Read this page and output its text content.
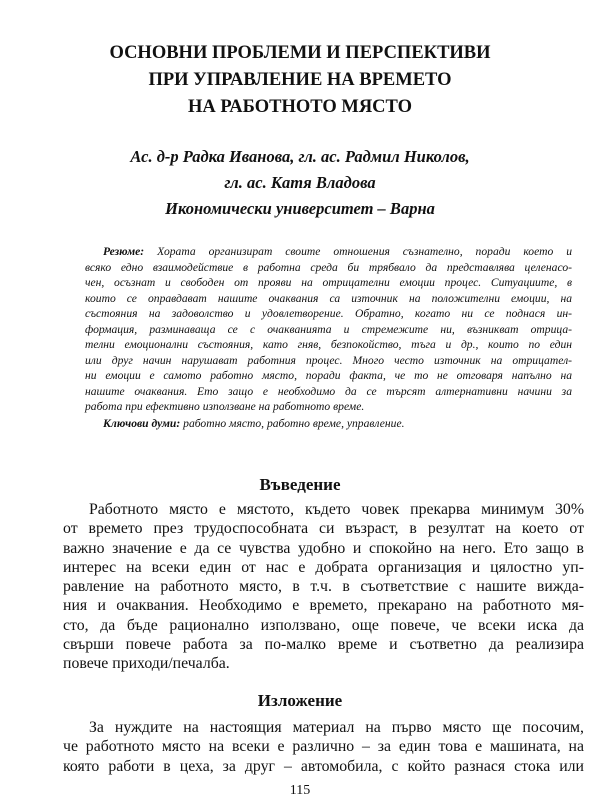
ОСНОВНИ ПРОБЛЕМИ И ПЕРСПЕКТИВИ
ПРИ УПРАВЛЕНИЕ НА ВРЕМЕТО
НА РАБОТНОТО МЯСТО
Ас. д-р Радка Иванова, гл. ас. Радмил Николов,
гл. ас. Катя Владова
Икономически университет – Варна
Резюме: Хората организират своите отношения съзнателно, поради което и
всяко едно взаимодействие в работна среда би трябвало да представлява целенасо-
чен, осъзнат и свободен от прояви на отрицателни емоции процес. Ситуациите, в
които се оправдават нашите очаквания са източник на положителни емоции, на
състояния на задоволство и удовлетворение. Обратно, когато ни се поднася ин-
формация, разминаваща се с очакванията и стремежите ни, възникват отрица-
телни емоционални състояния, като гняв, безпокойство, тъга и др., които по един
или друг начин нарушават работния процес. Много често източник на отрицател-
ни емоции е самото работно място, поради факта, че то не отговаря напълно на
нашите очаквания. Ето защо е необходимо да се търсят алтернативни начини за
работа при ефективно използване на работното време.
Ключови думи: работно място, работно време, управление.
Въведение
Работното място е мястото, където човек прекарва минимум 30%
от времето през трудоспособната си възраст, в резултат на което от
важно значение е да се чувства удобно и спокойно на него. Ето защо в
интерес на всеки един от нас е добрата организация и цялостно уп-
равление на работното място, в т.ч. в съответствие с нашите вижда-
ния и очаквания. Необходимо е времето, прекарано на работното мя-
сто, да бъде рационално използвано, още повече, че всеки иска да
свърши повече работа за по-малко време и съответно да реализира
повече приходи/печалба.
Изложение
За нуждите на настоящия материал на първо място ще посочим,
че работното място на всеки е различно – за един това е машината, на
която работи в цеха, за друг – автомобила, с който разнася стока или
115
